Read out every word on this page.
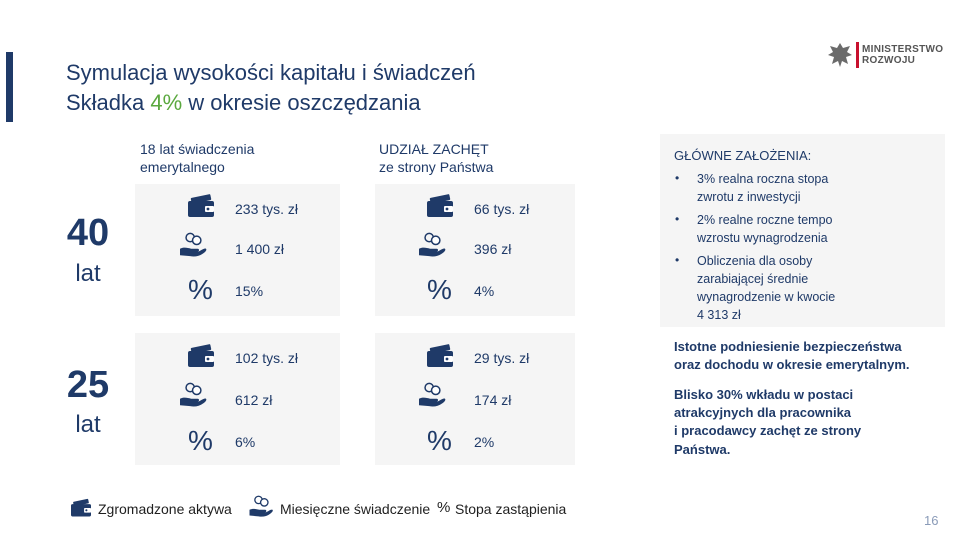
Symulacja wysokości kapitału i świadczeń
Składka 4% w okresie oszczędzania
MINISTERSTWO
ROZWOJU
18 lat świadczenia
emerytalnego
UDZIAŁ ZACHĘT
ze strony Państwa
40
lat
25
lat
233 tys. zł
1 400 zł
% 15%
66 tys. zł
396 zł
% 4%
102 tys. zł
612 zł
% 6%
29 tys. zł
174 zł
% 2%
GŁÓWNE ZAŁOŻENIA:
• 3% realna roczna stopa
zwrotu z inwestycji
• 2% realne roczne tempo
wzrostu wynagrodzenia
• Obliczenia dla osoby
zarabiającej średnie
wynagrodzenie w kwocie
4 313 zł
Istotne podniesienie bezpieczeństwa
oraz dochodu w okresie emerytalnym.
Blisko 30% wkładu w postaci
atrakcyjnych dla pracownika
i pracodawcy zachęt ze strony
Państwa.
Zgromadzone aktywa	Miesięczne świadczenie % Stopa zastąpienia
16
